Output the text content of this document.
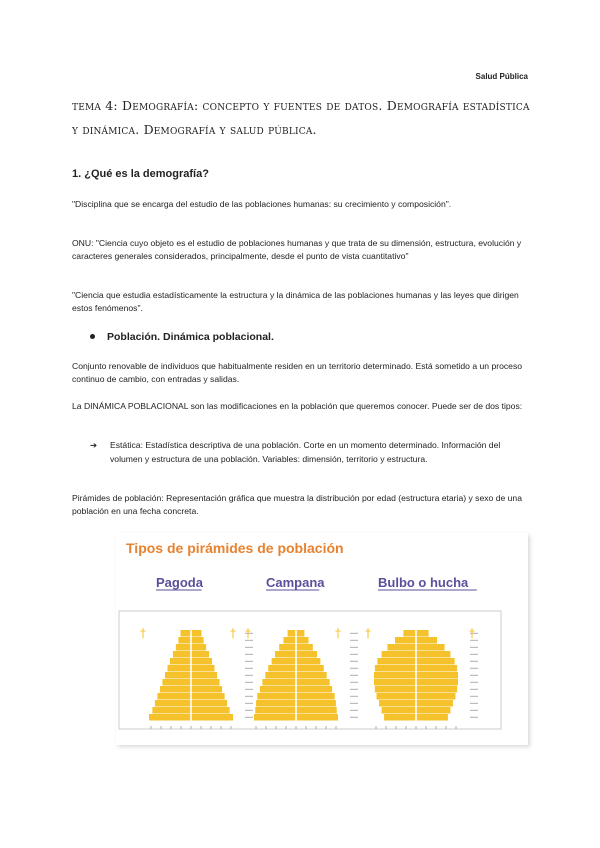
Salud Pública
tema 4: Demografía: concepto y fuentes de datos. Demografía estadística y dinámica. Demografía y salud pública.
1. ¿Qué es la demografía?
"Disciplina que se encarga del estudio de las poblaciones humanas: su crecimiento y composición".
ONU: "Ciencia cuyo objeto es el estudio de poblaciones humanas y que trata de su dimensión, estructura, evolución y caracteres generales considerados, principalmente, desde el punto de vista cuantitativo"
"Ciencia que estudia estadísticamente la estructura y la dinámica de las poblaciones humanas y las leyes que dirigen estos fenómenos".
Población. Dinámica poblacional.
Conjunto renovable de individuos que habitualmente residen en un territorio determinado. Está sometido a un proceso continuo de cambio, con entradas y salidas.
La DINÁMICA POBLACIONAL son las modificaciones en la población que queremos conocer. Puede ser de dos tipos:
➔ Estática: Estadística descriptiva de una población. Corte en un momento determinado. Información del volumen y estructura de una población. Variables: dimensión, territorio y estructura.
Pirámides de población: Representación gráfica que muestra la distribución por edad (estructura etaria) y sexo de una población en una fecha concreta.
Tipos de pirámides de población
Pagoda	Campana	Bulbo o hucha
†	† †	† †	†
